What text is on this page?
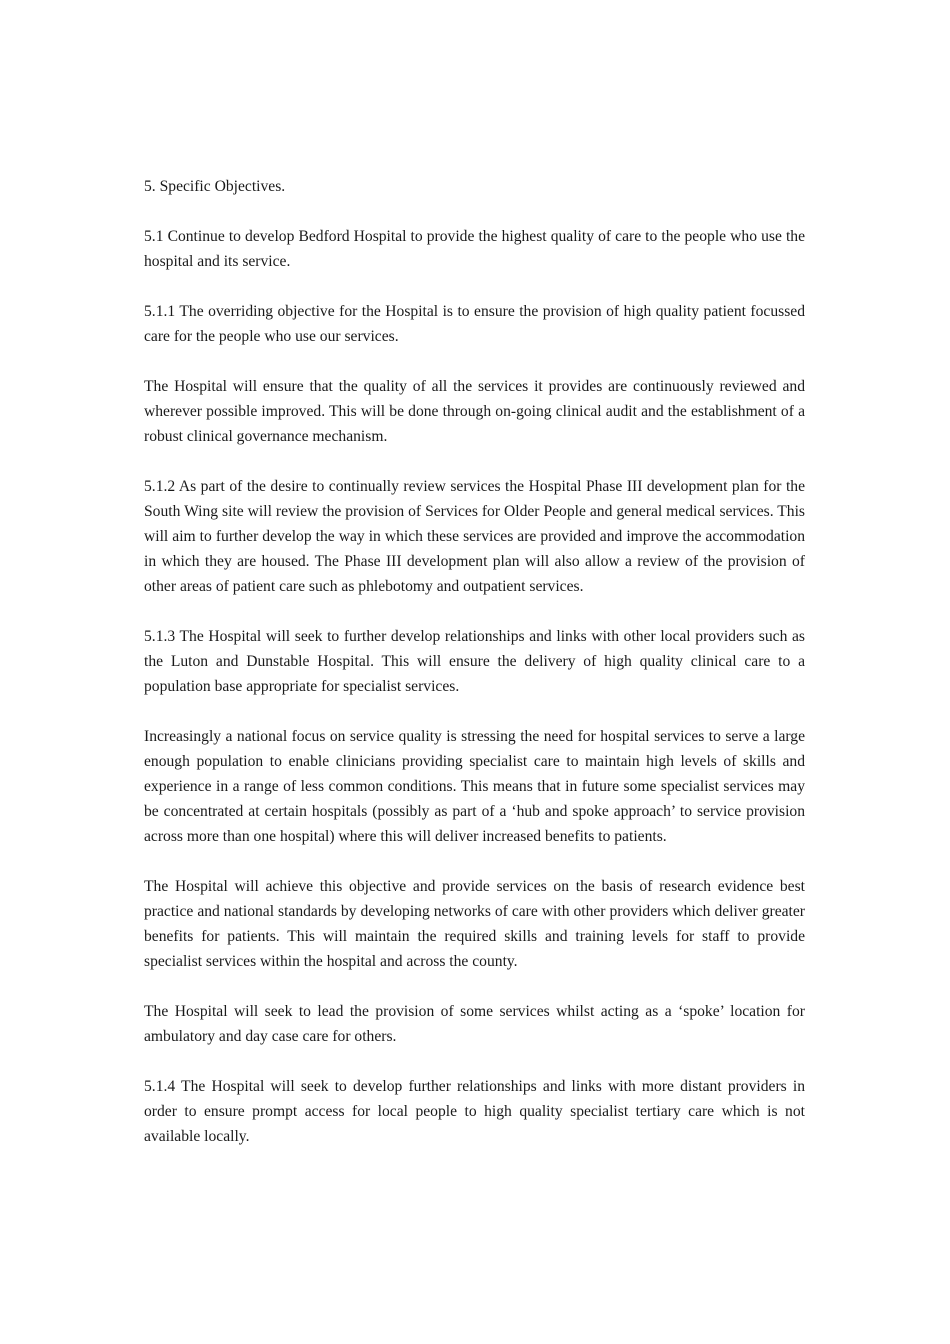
5. Specific Objectives.

5.1 Continue to develop Bedford Hospital to provide the highest quality of care to the people who use the hospital and its service.

5.1.1 The overriding objective for the Hospital is to ensure the provision of high quality patient focussed care for the people who use our services.

The Hospital will ensure that the quality of all the services it provides are continuously reviewed and wherever possible improved. This will be done through on-going clinical audit and the establishment of a robust clinical governance mechanism.

5.1.2 As part of the desire to continually review services the Hospital Phase III development plan for the South Wing site will review the provision of Services for Older People and general medical services. This will aim to further develop the way in which these services are provided and improve the accommodation in which they are housed. The Phase III development plan will also allow a review of the provision of other areas of patient care such as phlebotomy and outpatient services.

5.1.3 The Hospital will seek to further develop relationships and links with other local providers such as the Luton and Dunstable Hospital. This will ensure the delivery of high quality clinical care to a population base appropriate for specialist services.

Increasingly a national focus on service quality is stressing the need for hospital services to serve a large enough population to enable clinicians providing specialist care to maintain high levels of skills and experience in a range of less common conditions. This means that in future some specialist services may be concentrated at certain hospitals (possibly as part of a ‘hub and spoke approach’ to service provision across more than one hospital) where this will deliver increased benefits to patients.

The Hospital will achieve this objective and provide services on the basis of research evidence best practice and national standards by developing networks of care with other providers which deliver greater benefits for patients. This will maintain the required skills and training levels for staff to provide specialist services within the hospital and across the county.

The Hospital will seek to lead the provision of some services whilst acting as a ‘spoke’ location for ambulatory and day case care for others.

5.1.4 The Hospital will seek to develop further relationships and links with more distant providers in order to ensure prompt access for local people to high quality specialist tertiary care which is not available locally.
